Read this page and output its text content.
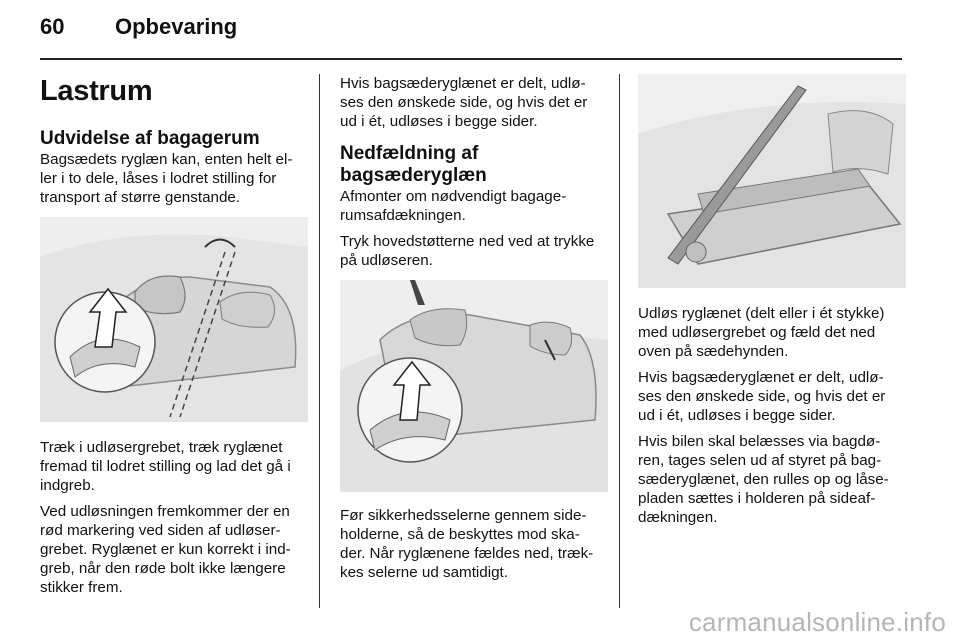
60 Opbevaring
Lastrum
Udvidelse af bagagerum

Bagsædets ryglæn kan, enten helt el- ler i to dele, låses i lodret stilling for transport af større genstande.

Træk i udløsergrebet, træk ryglænet fremad til lodret stilling og lad det gå i indgreb.

Ved udløsningen fremkommer der en rød markering ved siden af udløser- grebet. Ryglænet er kun korrekt i ind- greb, når den røde bolt ikke længere stikker frem.

Hvis bagsæderyglænet er delt, udlø- ses den ønskede side, og hvis det er ud i ét, udløses i begge sider.

Nedfældning af bagsæderyglæn

Afmonter om nødvendigt bagage- rumsafdækningen.

Tryk hovedstøtterne ned ved at trykke på udløseren.

Før sikkerhedsselerne gennem side- holderne, så de beskyttes mod ska- der. Når ryglænene fældes ned, træk- kes selerne ud samtidigt.

Udløs ryglænet (delt eller i ét stykke) med udløsergrebet og fæld det ned oven på sædehynden.

Hvis bagsæderyglænet er delt, udlø- ses den ønskede side, og hvis det er ud i ét, udløses i begge sider.

Hvis bilen skal belæsses via bagdø- ren, tages selen ud af styret på bag- sæderyglænet, den rulles op og låse- pladen sættes i holderen på sideaf- dækningen.

carmanualsonline.info
